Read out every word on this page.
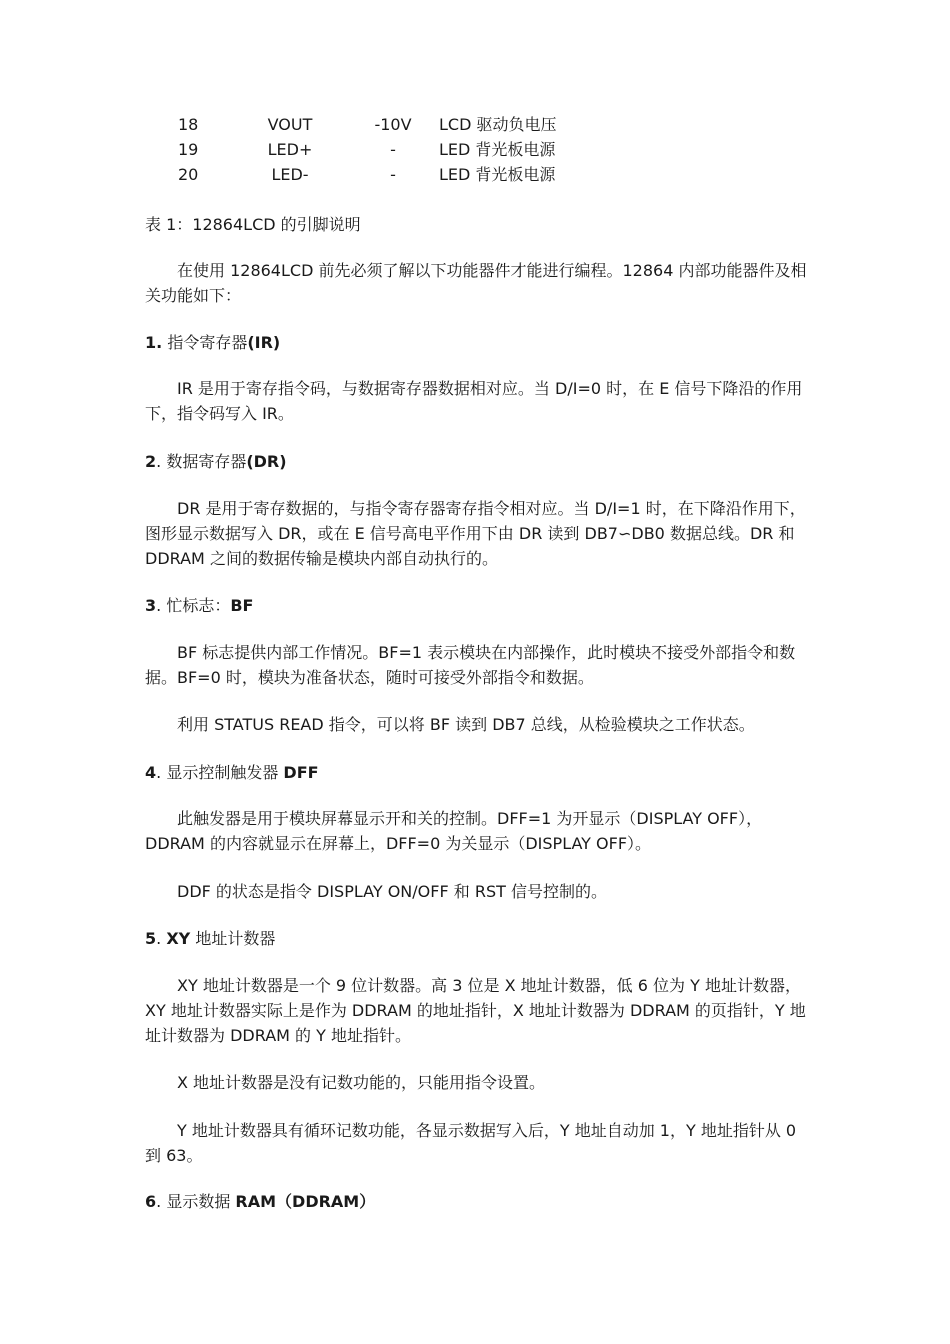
18	VOUT	-10V	LCD 驱动负电压
19	LED+	-	LED 背光板电源
20	LED-	-	LED 背光板电源
表 1：12864LCD 的引脚说明
在使用 12864LCD 前先必须了解以下功能器件才能进行编程。12864 内部功能器件及相关功能如下：
1. 指令寄存器(IR)
IR 是用于寄存指令码，与数据寄存器数据相对应。当 D/I=0 时，在 E 信号下降沿的作用下，指令码写入 IR。
2. 数据寄存器(DR)
DR 是用于寄存数据的，与指令寄存器寄存指令相对应。当 D/I=1 时，在下降沿作用下，图形显示数据写入 DR，或在 E 信号高电平作用下由 DR 读到 DB7∽DB0 数据总线。DR 和 DDRAM 之间的数据传输是模块内部自动执行的。
3. 忙标志：BF
BF 标志提供内部工作情况。BF=1 表示模块在内部操作，此时模块不接受外部指令和数据。BF=0 时，模块为准备状态，随时可接受外部指令和数据。
利用 STATUS READ 指令，可以将 BF 读到 DB7 总线，从检验模块之工作状态。
4. 显示控制触发器 DFF
此触发器是用于模块屏幕显示开和关的控制。DFF=1 为开显示（DISPLAY OFF），DDRAM 的内容就显示在屏幕上，DFF=0 为关显示（DISPLAY OFF）。
DDF 的状态是指令 DISPLAY ON/OFF 和 RST 信号控制的。
5. XY 地址计数器
XY 地址计数器是一个 9 位计数器。高 3 位是 X 地址计数器，低 6 位为 Y 地址计数器，XY 地址计数器实际上是作为 DDRAM 的地址指针，X 地址计数器为 DDRAM 的页指针，Y 地址计数器为 DDRAM 的 Y 地址指针。
X 地址计数器是没有记数功能的，只能用指令设置。
Y 地址计数器具有循环记数功能，各显示数据写入后，Y 地址自动加 1，Y 地址指针从 0 到 63。
6. 显示数据 RAM（DDRAM）
